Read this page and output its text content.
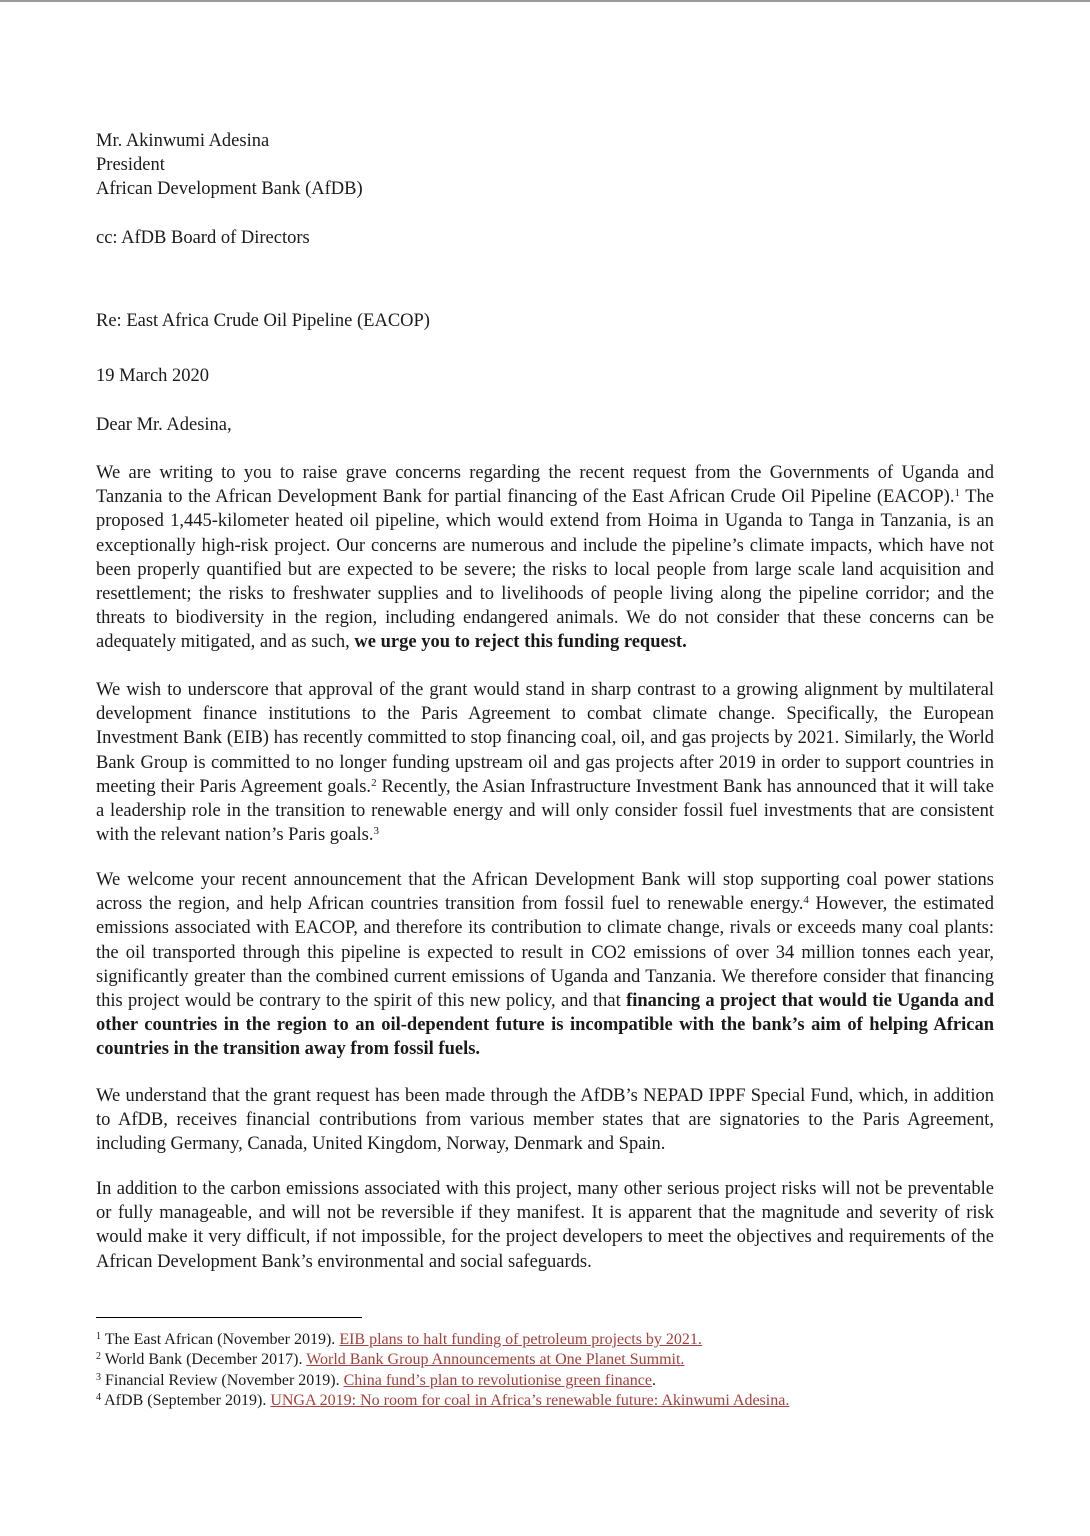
Mr. Akinwumi Adesina
President
African Development Bank (AfDB)
cc: AfDB Board of Directors
Re: East Africa Crude Oil Pipeline (EACOP)
19 March 2020
Dear Mr. Adesina,

We are writing to you to raise grave concerns regarding the recent request from the Governments of Uganda and Tanzania to the African Development Bank for partial financing of the East African Crude Oil Pipeline (EACOP).$^1$ The proposed 1,445-kilometer heated oil pipeline, which would extend from Hoima in Uganda to Tanga in Tanzania, is an exceptionally high-risk project. Our concerns are numerous and include the pipeline’s climate impacts, which have not been properly quantified but are expected to be severe; the risks to local people from large scale land acquisition and resettlement; the risks to freshwater supplies and to livelihoods of people living along the pipeline corridor; and the threats to biodiversity in the region, including endangered animals. We do not consider that these concerns can be adequately mitigated, and as such, we urge you to reject this funding request.

We wish to underscore that approval of the grant would stand in sharp contrast to a growing alignment by multilateral development finance institutions to the Paris Agreement to combat climate change. Specifically, the European Investment Bank (EIB) has recently committed to stop financing coal, oil, and gas projects by 2021. Similarly, the World Bank Group is committed to no longer funding upstream oil and gas projects after 2019 in order to support countries in meeting their Paris Agreement goals.$^2$ Recently, the Asian Infrastructure Investment Bank has announced that it will take a leadership role in the transition to renewable energy and will only consider fossil fuel investments that are consistent with the relevant nation’s Paris goals.$^3$

We welcome your recent announcement that the African Development Bank will stop supporting coal power stations across the region, and help African countries transition from fossil fuel to renewable energy.$^4$ However, the estimated emissions associated with EACOP, and therefore its contribution to climate change, rivals or exceeds many coal plants: the oil transported through this pipeline is expected to result in CO2 emissions of over 34 million tonnes each year, significantly greater than the combined current emissions of Uganda and Tanzania. We therefore consider that financing this project would be contrary to the spirit of this new policy, and that financing a project that would tie Uganda and other countries in the region to an oil-dependent future is incompatible with the bank’s aim of helping African countries in the transition away from fossil fuels.

We understand that the grant request has been made through the AfDB’s NEPAD IPPF Special Fund, which, in addition to AfDB, receives financial contributions from various member states that are signatories to the Paris Agreement, including Germany, Canada, United Kingdom, Norway, Denmark and Spain.

In addition to the carbon emissions associated with this project, many other serious project risks will not be preventable or fully manageable, and will not be reversible if they manifest. It is apparent that the magnitude and severity of risk would make it very difficult, if not impossible, for the project developers to meet the objectives and requirements of the African Development Bank’s environmental and social safeguards.

$^1$ The East African (November 2019). EIB plans to halt funding of petroleum projects by 2021.
$^2$ World Bank (December 2017). World Bank Group Announcements at One Planet Summit.
$^3$ Financial Review (November 2019). China fund’s plan to revolutionise green finance.
$^4$ AfDB (September 2019). UNGA 2019: No room for coal in Africa’s renewable future: Akinwumi Adesina.
